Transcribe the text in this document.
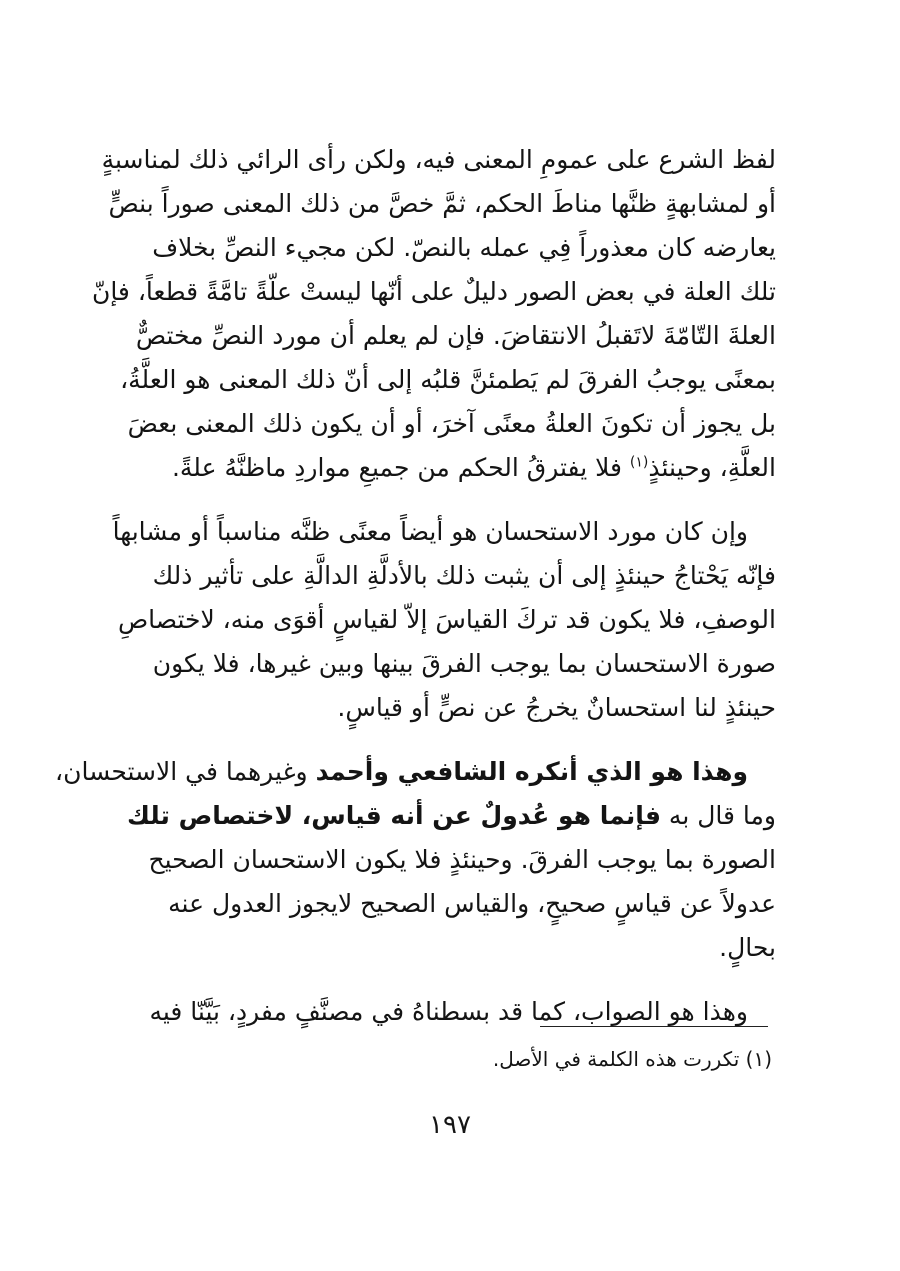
لفظ الشرع على عمومِ المعنى فيه، ولكن رأى الرائي ذلك لمناسبةٍ
أو لمشابهةٍ ظنَّها مناطَ الحكم، ثمَّ خصَّ من ذلك المعنى صوراً بنصٍّ
يعارضه كان معذوراً فِي عمله بالنصّ. لكن مجيء النصِّ بخلاف
تلك العلة في بعض الصور دليلٌ على أنّها ليستْ علّةً تامَّةً قطعاً، فإنّ
العلةَ التّامّةَ لاتَقبلُ الانتقاضَ. فإن لم يعلم أن مورد النصِّ مختصٌّ
بمعنًى يوجبُ الفرقَ لم يَطمئنَّ قلبُه إلى أنّ ذلك المعنى هو العلَّةُ،
بل يجوز أن تكونَ العلةُ معنًى آخرَ، أو أن يكون ذلك المعنى بعضَ
العلَّةِ، وحينئذٍ$^{(١)}$ فلا يفترقُ الحكم من جميعِ مواردِ ماظنَّهُ علةً.

وإن كان مورد الاستحسان هو أيضاً معنًى ظنَّه مناسباً أو مشابهاً
فإنّه يَحْتاجُ حينئذٍ إلى أن يثبت ذلك بالأدلَّةِ الدالَّةِ على تأثير ذلك
الوصفِ، فلا يكون قد تركَ القياسَ إلاّ لقياسٍ أقوَى منه، لاختصاصِ
صورة الاستحسان بما يوجب الفرقَ بينها وبين غيرها، فلا يكون
حينئذٍ لنا استحسانٌ يخرجُ عن نصٍّ أو قياسٍ.

وهذا هو الذي أنكره الشافعي وأحمد وغيرهما في الاستحسان،
وما قال به فإنما هو عُدولٌ عن أنه قياس، لاختصاص تلك
الصورة بما يوجب الفرقَ. وحينئذٍ فلا يكون الاستحسان الصحيح
عدولاً عن قياسٍ صحيحٍ، والقياس الصحيح لايجوز العدول عنه
بحالٍ.

وهذا هو الصواب، كما قد بسطناهُ في مصنَّفٍ مفردٍ، بَيَّنّا فيه

(١) تكررت هذه الكلمة في الأصل.
١٩٧
